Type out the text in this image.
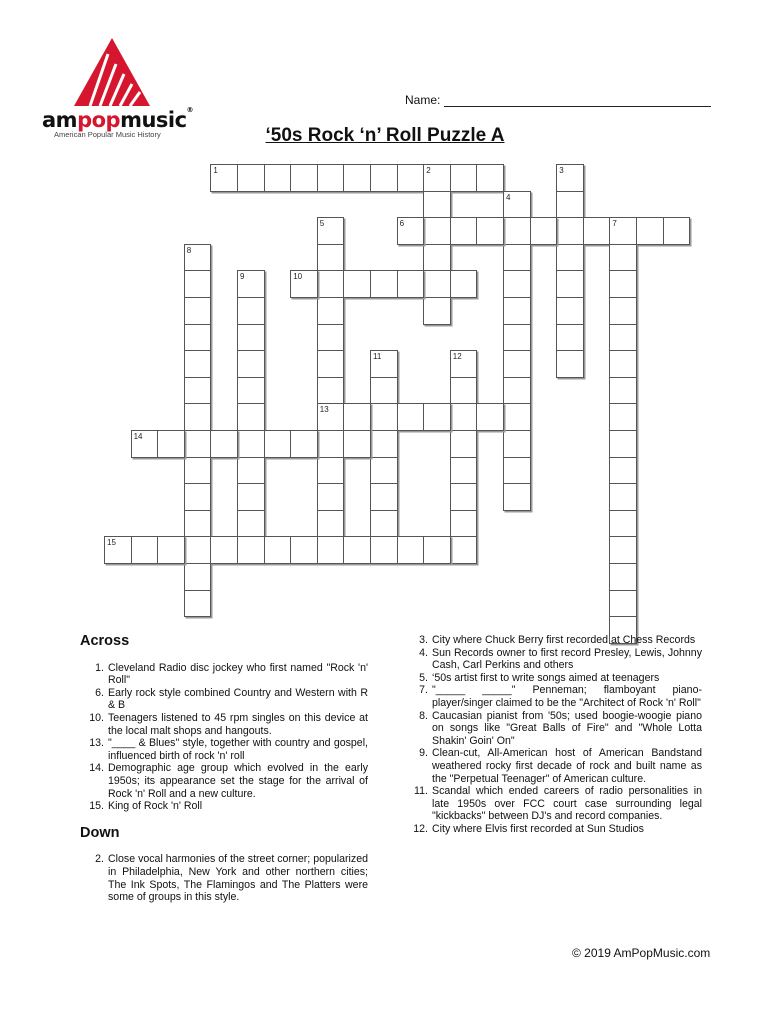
ampopmusic®
American Popular Music History
Name:
‘50s Rock ‘n’ Roll Puzzle A
1	2	3
4
5
13
6	7
8
9	10
11	12
14
15
Across
1. Cleveland Radio disc jockey who first named "Rock 'n' Roll"
6. Early rock style combined Country and Western with R & B
10. Teenagers listened to 45 rpm singles on this device at the local malt shops and hangouts.
13. "____ & Blues" style, together with country and gospel, influenced birth of rock 'n' roll
14. Demographic age group which evolved in the early 1950s; its appearance set the stage for the arrival of Rock 'n' Roll and a new culture.
15. King of Rock 'n' Roll
Down
2. Close vocal harmonies of the street corner; popularized in Philadelphia, New York and other northern cities; The Ink Spots, The Flamingos and The Platters were some of groups in this style.
3. City where Chuck Berry first recorded at Chess Records
4. Sun Records owner to first record Presley, Lewis, Johnny Cash, Carl Perkins and others
5. ‘50s artist first to write songs aimed at teenagers
7. "_____ _____" Penneman; flamboyant piano-player/singer claimed to be the "Architect of Rock 'n' Roll"
8. Caucasian pianist from '50s; used boogie-woogie piano on songs like "Great Balls of Fire" and "Whole Lotta Shakin' Goin' On"
9. Clean-cut, All-American host of American Bandstand weathered rocky first decade of rock and built name as the "Perpetual Teenager" of American culture.
11. Scandal which ended careers of radio personalities in late 1950s over FCC court case surrounding legal "kickbacks" between DJ's and record companies.
12. City where Elvis first recorded at Sun Studios
© 2019 AmPopMusic.com
